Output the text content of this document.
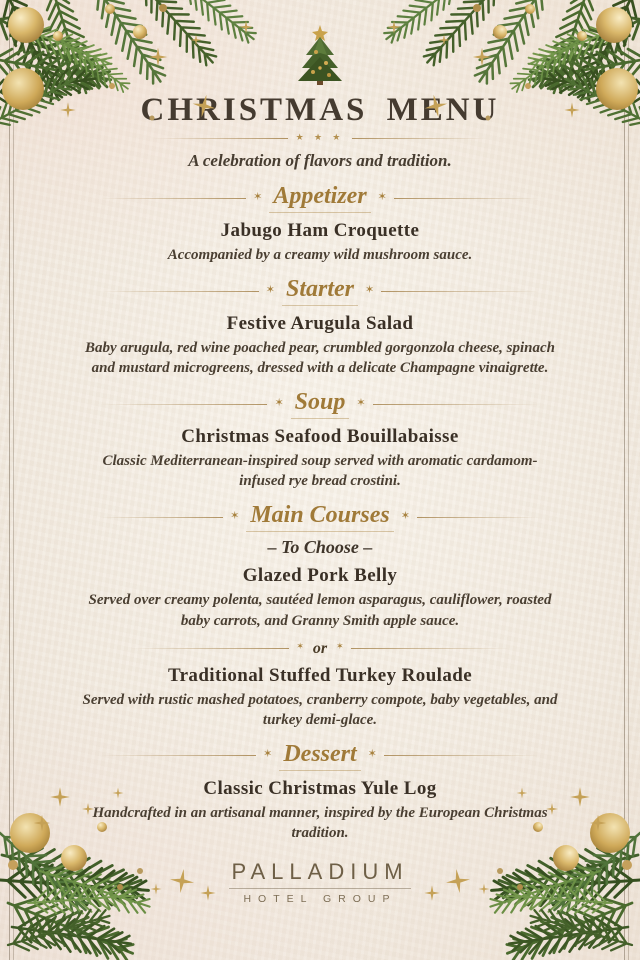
CHRISTMAS MENU
★ ★ ★
A celebration of flavors and tradition.
✶ Appetizer	✶
Jabugo Ham Croquette
Accompanied by a creamy wild mushroom sauce.
✶ Starter	✶
Festive Arugula Salad
Baby arugula, red wine poached pear, crumbled gorgonzola cheese, spinach and mustard microgreens, dressed with a delicate Champagne vinaigrette.
✶ Soup	✶
Christmas Seafood Bouillabaisse
Classic Mediterranean-inspired soup served with aromatic cardamom-infused rye bread crostini.
✶ Main Courses	✶
– To Choose –
Glazed Pork Belly
Served over creamy polenta, sautéed lemon asparagus, cauliflower, roasted baby carrots, and Granny Smith apple sauce.
✶ or	✶
Traditional Stuffed Turkey Roulade
Served with rustic mashed potatoes, cranberry compote, baby vegetables, and turkey demi-glace.
✶ Dessert	✶
Classic Christmas Yule Log
Handcrafted in an artisanal manner, inspired by the European Christmas tradition.
PALLADIUM
HOTEL GROUP
